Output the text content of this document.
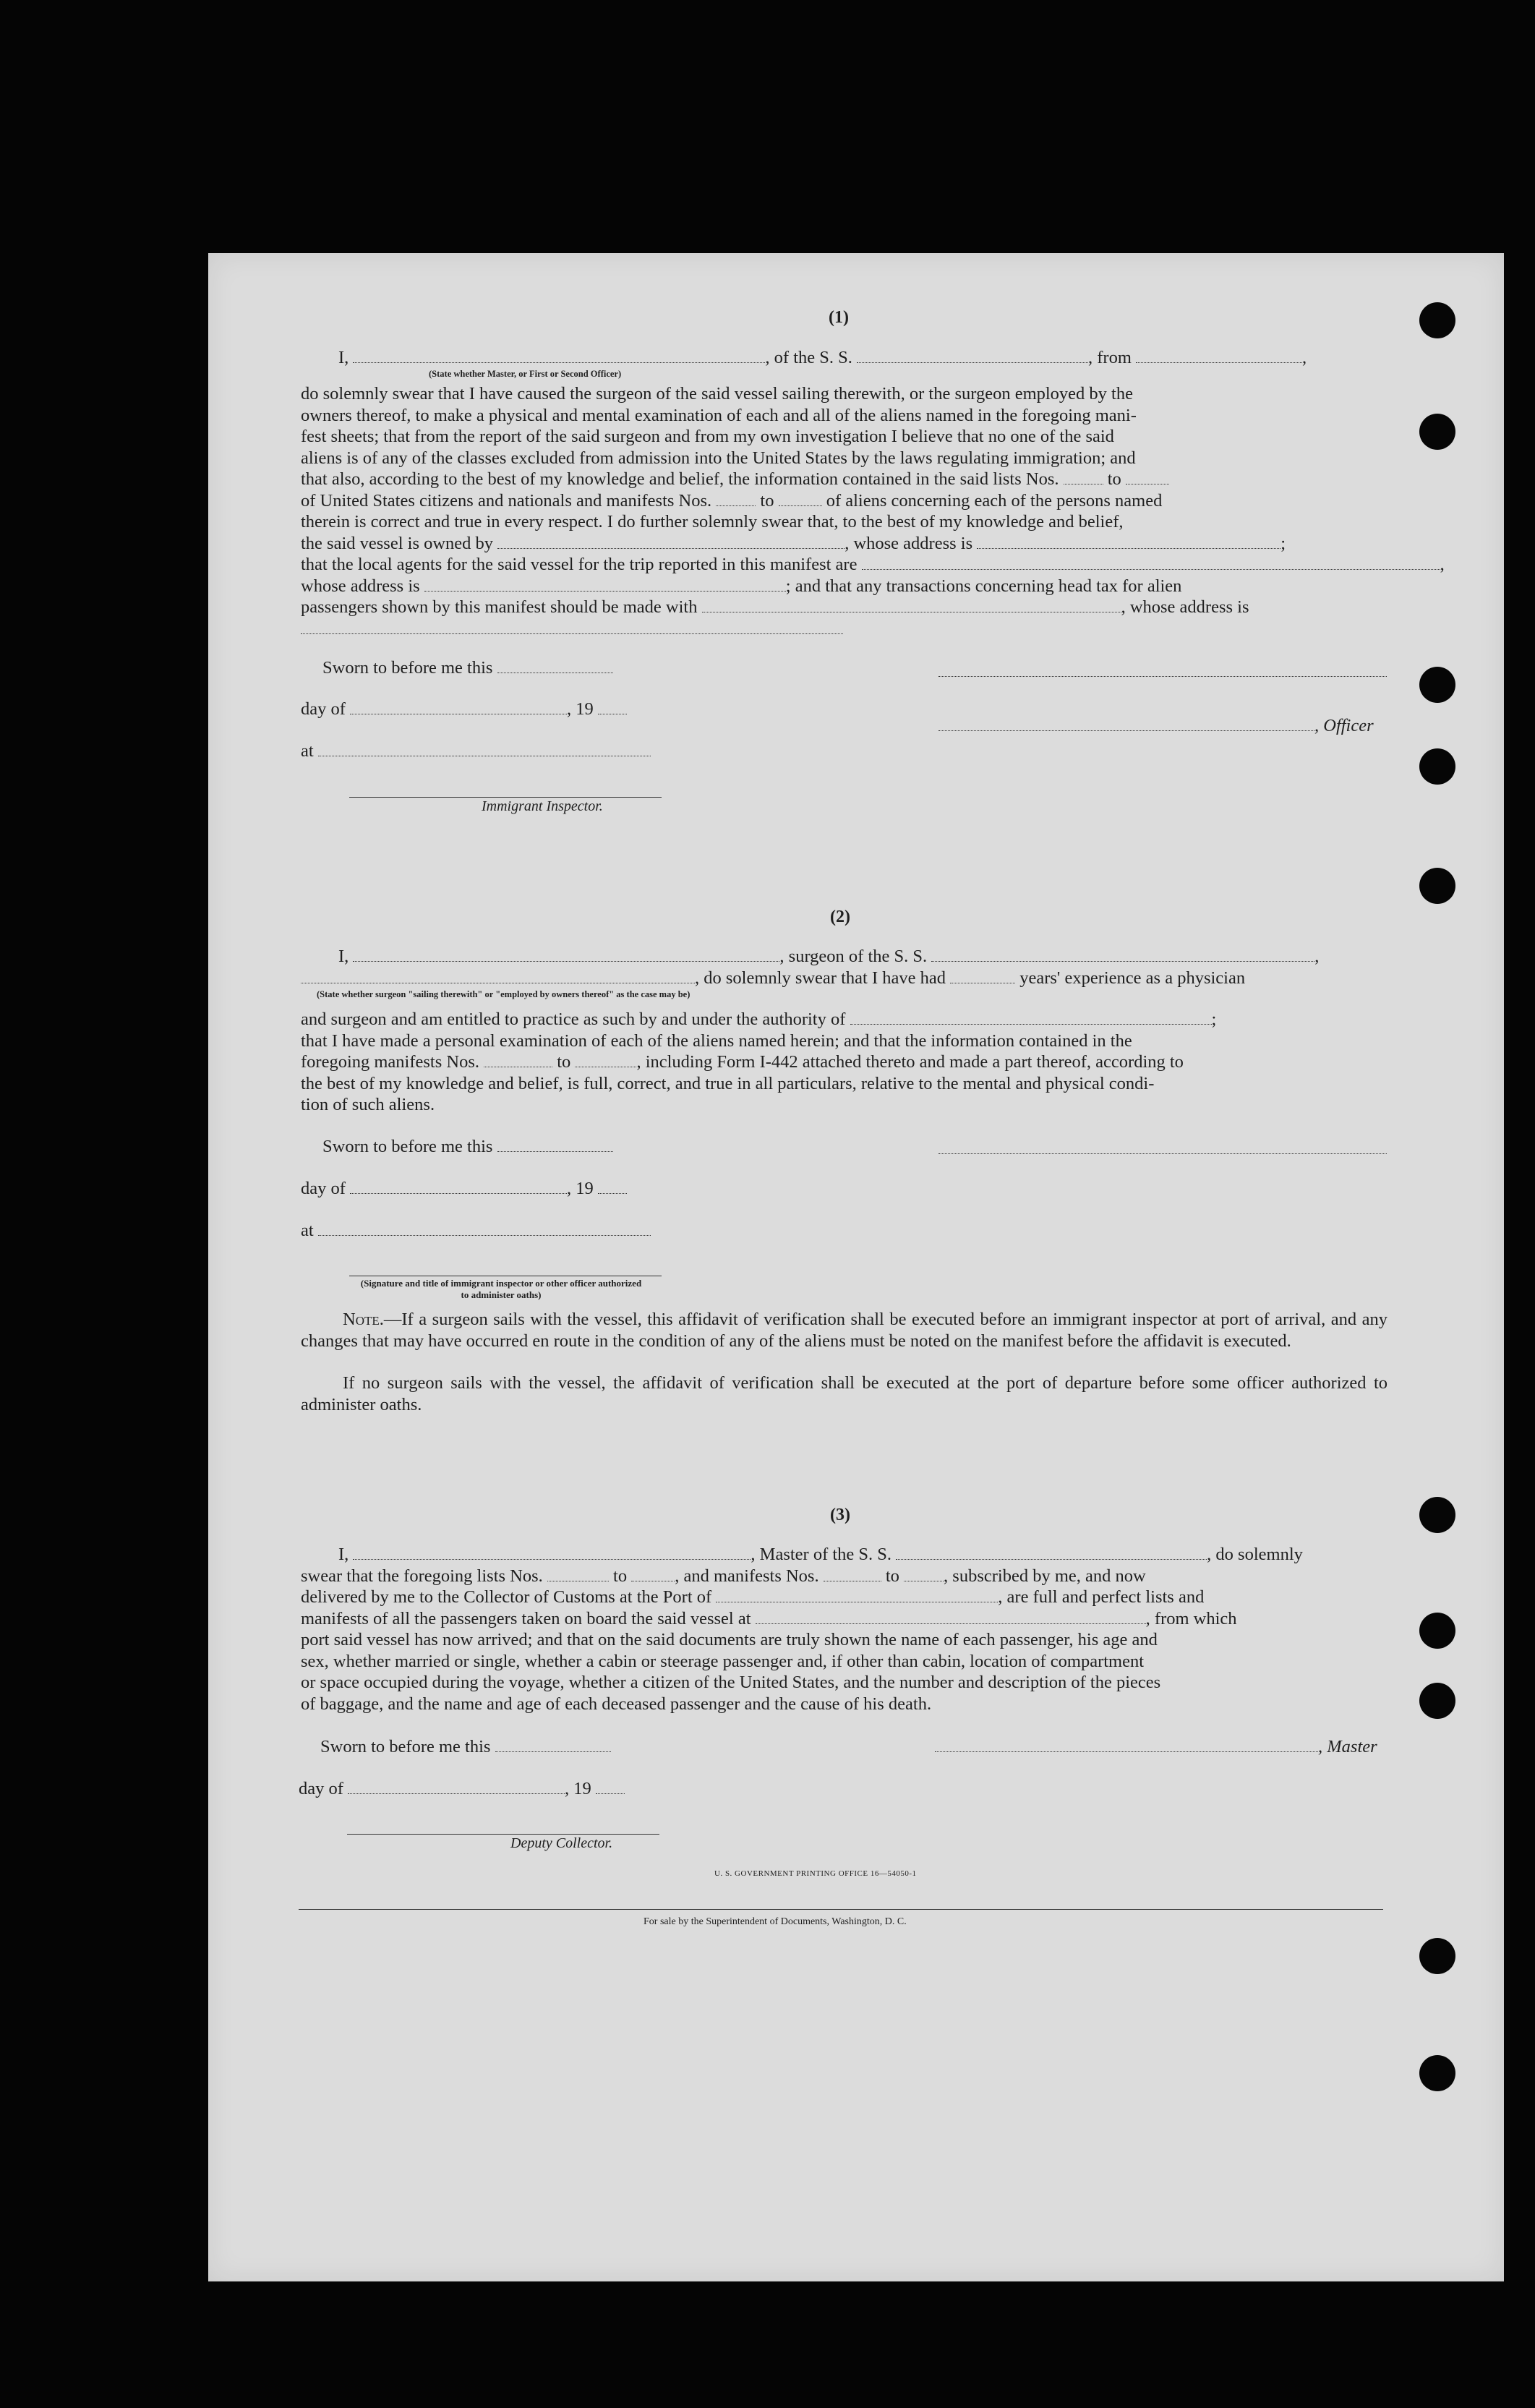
(1)
I,	, of the S. S.	, from	,
(State whether Master, or First or Second Officer)
do solemnly swear that I have caused the surgeon of the said vessel sailing therewith, or the surgeon employed by the
owners thereof, to make a physical and mental examination of each and all of the aliens named in the foregoing mani-
fest sheets; that from the report of the said surgeon and from my own investigation I believe that no one of the said
aliens is of any of the classes excluded from admission into the United States by the laws regulating immigration; and
that also, according to the best of my knowledge and belief, the information contained in the said lists Nos.	to
of United States citizens and nationals and manifests Nos.	to	of aliens concerning each of the persons named
therein is correct and true in every respect. I do further solemnly swear that, to the best of my knowledge and belief,
the said vessel is owned by	, whose address is	;
that the local agents for the said vessel for the trip reported in this manifest are	,
whose address is	; and that any transactions concerning head tax for alien
passengers shown by this manifest should be made with	, whose address is
Sworn to before me this
day of	, 19
at
Immigrant Inspector.
, Officer
(2)
I,	, surgeon of the S. S.	,
, do solemnly swear that I have had	years' experience as a physician
(State whether surgeon "sailing therewith" or "employed by owners thereof" as the case may be)
and surgeon and am entitled to practice as such by and under the authority of	;
that I have made a personal examination of each of the aliens named herein; and that the information contained in the
foregoing manifests Nos.	to	, including Form I-442 attached thereto and made a part thereof, according to
the best of my knowledge and belief, is full, correct, and true in all particulars, relative to the mental and physical condi-
tion of such aliens.
Sworn to before me this
day of	, 19
at
(Signature and title of immigrant inspector or other officer authorized to administer oaths)
Note.—If a surgeon sails with the vessel, this affidavit of verification shall be executed before an immigrant inspector at port of arrival, and any changes that may have occurred en route in the condition of any of the aliens must be noted on the manifest before the affidavit is executed.
If no surgeon sails with the vessel, the affidavit of verification shall be executed at the port of departure before some officer authorized to administer oaths.
(3)
I,	, Master of the S. S.	, do solemnly
swear that the foregoing lists Nos.	to	, and manifests Nos.	to , subscribed by me, and now
delivered by me to the Collector of Customs at the Port of	, are full and perfect lists and
manifests of all the passengers taken on board the said vessel at	, from which
port said vessel has now arrived; and that on the said documents are truly shown the name of each passenger, his age and
sex, whether married or single, whether a cabin or steerage passenger and, if other than cabin, location of compartment
or space occupied during the voyage, whether a citizen of the United States, and the number and description of the pieces
of baggage, and the name and age of each deceased passenger and the cause of his death.
Sworn to before me this
day of	, 19
Deputy Collector.
, Master
U. S. GOVERNMENT PRINTING OFFICE 16—54050-1
For sale by the Superintendent of Documents, Washington, D. C.
